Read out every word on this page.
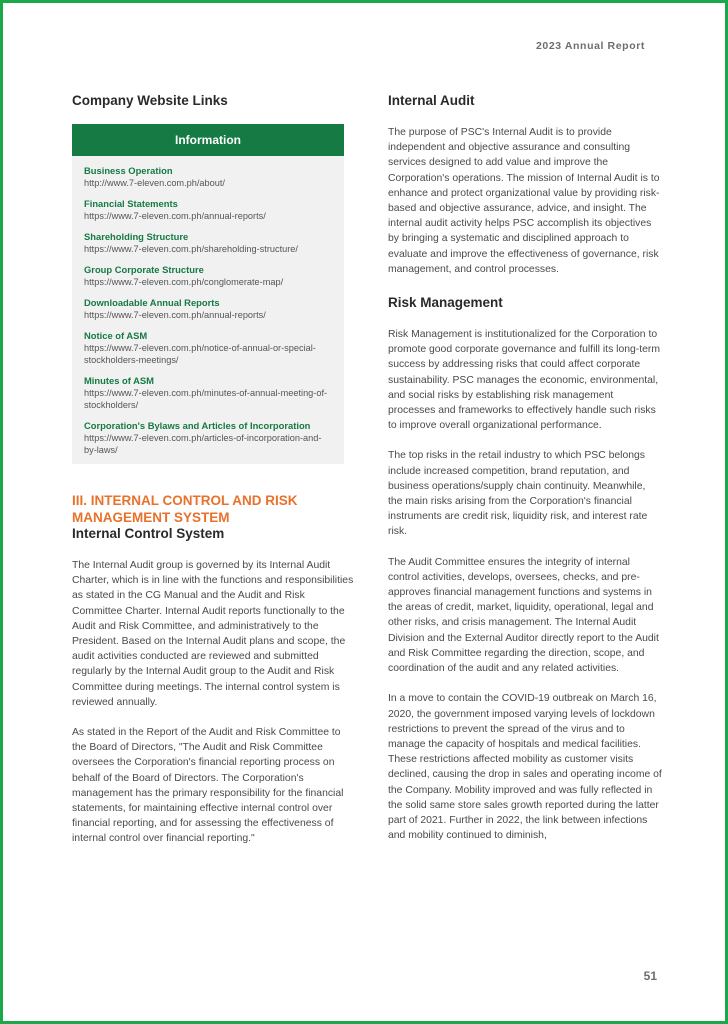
2023 Annual Report
Company Website Links
Information
Business Operation
http://www.7-eleven.com.ph/about/
Financial Statements
https://www.7-eleven.com.ph/annual-reports/
Shareholding Structure
https://www.7-eleven.com.ph/shareholding-structure/
Group Corporate Structure
https://www.7-eleven.com.ph/conglomerate-map/
Downloadable Annual Reports
https://www.7-eleven.com.ph/annual-reports/
Notice of ASM
https://www.7-eleven.com.ph/notice-of-annual-or-special-stockholders-meetings/
Minutes of ASM
https://www.7-eleven.com.ph/minutes-of-annual-meeting-of-stockholders/
Corporation's Bylaws and Articles of Incorporation
https://www.7-eleven.com.ph/articles-of-incorporation-and-by-laws/
III. INTERNAL CONTROL AND RISK MANAGEMENT SYSTEM
Internal Control System

The Internal Audit group is governed by its Internal Audit Charter, which is in line with the functions and responsibilities as stated in the CG Manual and the Audit and Risk Committee Charter. Internal Audit reports functionally to the Audit and Risk Committee, and administratively to the President. Based on the Internal Audit plans and scope, the audit activities conducted are reviewed and submitted regularly by the Internal Audit group to the Audit and Risk Committee during meetings. The internal control system is reviewed annually.

As stated in the Report of the Audit and Risk Committee to the Board of Directors, "The Audit and Risk Committee oversees the Corporation's financial reporting process on behalf of the Board of Directors. The Corporation's management has the primary responsibility for the financial statements, for maintaining effective internal control over financial reporting, and for assessing the effectiveness of internal control over financial reporting."

Internal Audit

The purpose of PSC's Internal Audit is to provide independent and objective assurance and consulting services designed to add value and improve the Corporation's operations. The mission of Internal Audit is to enhance and protect organizational value by providing risk-based and objective assurance, advice, and insight. The internal audit activity helps PSC accomplish its objectives by bringing a systematic and disciplined approach to evaluate and improve the effectiveness of governance, risk management, and control processes.

Risk Management

Risk Management is institutionalized for the Corporation to promote good corporate governance and fulfill its long-term success by addressing risks that could affect corporate sustainability. PSC manages the economic, environmental, and social risks by establishing risk management processes and frameworks to effectively handle such risks to improve overall organizational performance.

The top risks in the retail industry to which PSC belongs include increased competition, brand reputation, and business operations/supply chain continuity. Meanwhile, the main risks arising from the Corporation's financial instruments are credit risk, liquidity risk, and interest rate risk.

The Audit Committee ensures the integrity of internal control activities, develops, oversees, checks, and pre-approves financial management functions and systems in the areas of credit, market, liquidity, operational, legal and other risks, and crisis management. The Internal Audit Division and the External Auditor directly report to the Audit and Risk Committee regarding the direction, scope, and coordination of the audit and any related activities.

In a move to contain the COVID-19 outbreak on March 16, 2020, the government imposed varying levels of lockdown restrictions to prevent the spread of the virus and to manage the capacity of hospitals and medical facilities. These restrictions affected mobility as customer visits declined, causing the drop in sales and operating income of the Company. Mobility improved and was fully reflected in the solid same store sales growth reported during the latter part of 2021. Further in 2022, the link between infections and mobility continued to diminish,

51
